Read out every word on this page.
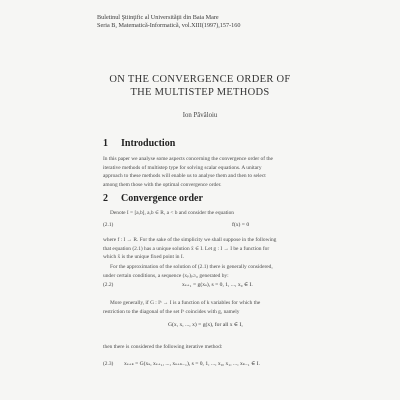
Buletinul Ştiinţific al Universităţii din Baia Mare
Seria B, Matematică-Informatică, vol.XIII(1997),157-160
ON THE CONVERGENCE ORDER OF
THE MULTISTEP METHODS
Ion Păvăloiu
1 Introduction
In this paper we analyse some aspects concerning the convergence order of the
iterative methods of multistep type for solving scalar equations. A unitary
approach to these methods will enable us to analyse them and then to select
among them those with the optimal convergence order.
2 Convergence order
Denote I = [a,b], a,b ∈ R, a < b and consider the equation
(2.1)	f(x) = 0
where f : I → R. For the sake of the simplicity we shall suppose in the following
that equation (2.1) has a unique solution x̄ ∈ I. Let g : I → I be a function for
which x̄ is the unique fixed point in I.
For the approximation of the solution of (2.1) there is generally considered,
under certain conditions, a sequence (xₚ)ₚ≥₀ generated by:
(2.2)	xₛ₊₁ = g(xₛ), s = 0, 1, ..., x₀ ∈ I.
More generally, if G : Iᵏ → I is a function of k variables for which the
restriction to the diagonal of the set Iᵏ coincides with g, namely
G(x, x, ..., x) = g(x), for all x ∈ I,
then there is considered the following iterative method:
(2.3) xₛ₊ₖ = G(xₛ, xₛ₊₁, ..., xₛ₊ₖ₋₁), s = 0, 1, ..., x₀, x₁, ..., xₖ₋₁ ∈ I.
